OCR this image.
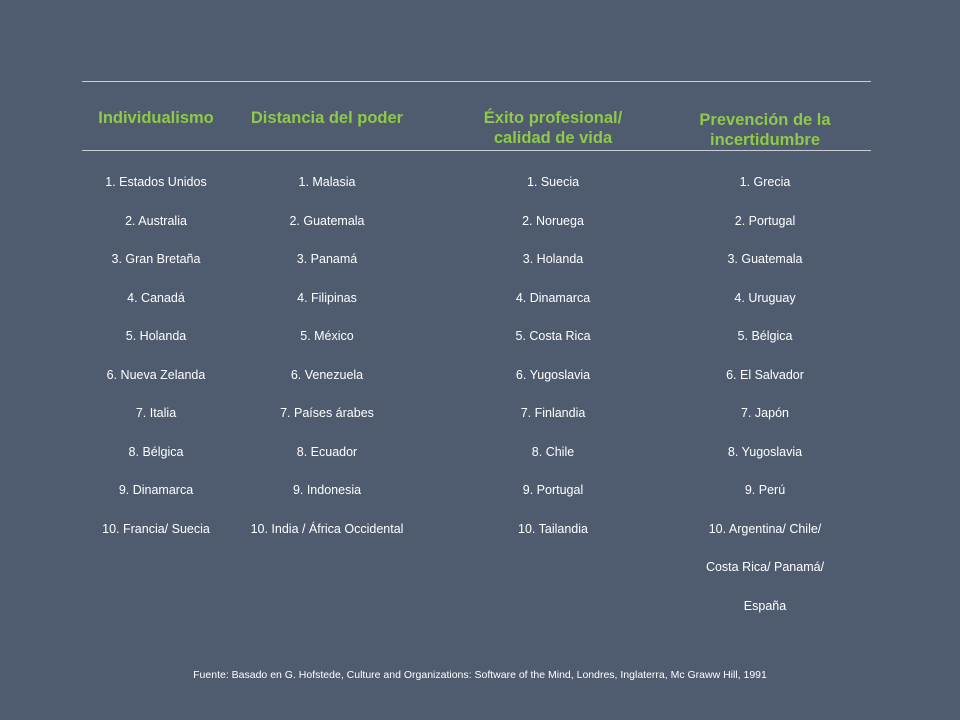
Individualismo	Distancia del poder	Éxito profesional/
calidad de vida
Prevención de la
incertidumbre
1. Estados Unidos
2. Australia
3. Gran Bretaña
4. Canadá
5. Holanda
6. Nueva Zelanda
7. Italia
8. Bélgica
9. Dinamarca
10. Francia/ Suecia
1. Malasia
2. Guatemala
3. Panamá
4. Filipinas
5. México
6. Venezuela
7. Países árabes
8. Ecuador
9. Indonesia
10. India / África Occidental
1. Suecia
2. Noruega
3. Holanda
4. Dinamarca
5. Costa Rica
6. Yugoslavia
7. Finlandia
8. Chile
9. Portugal
10. Tailandia
1. Grecia
2. Portugal
3. Guatemala
4. Uruguay
5. Bélgica
6. El Salvador
7. Japón
8. Yugoslavia
9. Perú
10. Argentina/ Chile/
Costa Rica/ Panamá/
España
Fuente: Basado en G. Hofstede, Culture and Organizations: Software of the Mind, Londres, Inglaterra, Mc Graww Hill, 1991
